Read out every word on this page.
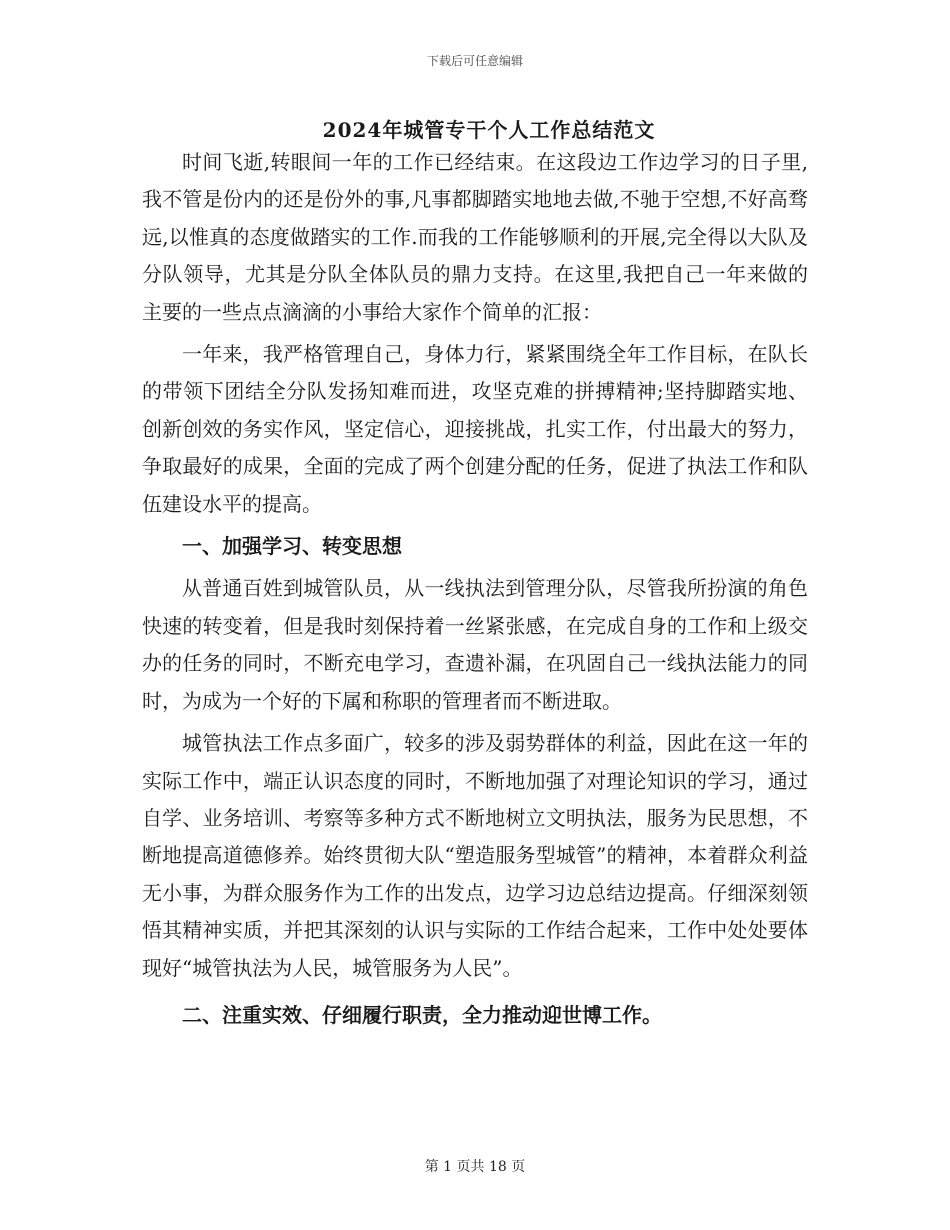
下载后可任意编辑
2024年城管专干个人工作总结范文

时间飞逝,转眼间一年的工作已经结束。在这段边工作边学习的日子里,我不管是份内的还是份外的事,凡事都脚踏实地地去做,不驰于空想,不好高骛远,以惟真的态度做踏实的工作.而我的工作能够顺利的开展,完全得以大队及分队领导，尤其是分队全体队员的鼎力支持。在这里,我把自己一年来做的主要的一些点点滴滴的小事给大家作个简单的汇报：

一年来，我严格管理自己，身体力行，紧紧围绕全年工作目标，在队长的带领下团结全分队发扬知难而进，攻坚克难的拼搏精神;坚持脚踏实地、创新创效的务实作风，坚定信心，迎接挑战，扎实工作，付出最大的努力，争取最好的成果，全面的完成了两个创建分配的任务，促进了执法工作和队伍建设水平的提高。

一、加强学习、转变思想

从普通百姓到城管队员，从一线执法到管理分队，尽管我所扮演的角色快速的转变着，但是我时刻保持着一丝紧张感，在完成自身的工作和上级交办的任务的同时，不断充电学习，查遗补漏，在巩固自己一线执法能力的同时，为成为一个好的下属和称职的管理者而不断进取。

城管执法工作点多面广，较多的涉及弱势群体的利益，因此在这一年的实际工作中，端正认识态度的同时，不断地加强了对理论知识的学习，通过自学、业务培训、考察等多种方式不断地树立文明执法，服务为民思想，不断地提高道德修养。始终贯彻大队“塑造服务型城管”的精神，本着群众利益无小事，为群众服务作为工作的出发点，边学习边总结边提高。仔细深刻领悟其精神实质，并把其深刻的认识与实际的工作结合起来，工作中处处要体现好“城管执法为人民，城管服务为人民”。

二、注重实效、仔细履行职责，全力推动迎世博工作。

第 1 页共 18 页
